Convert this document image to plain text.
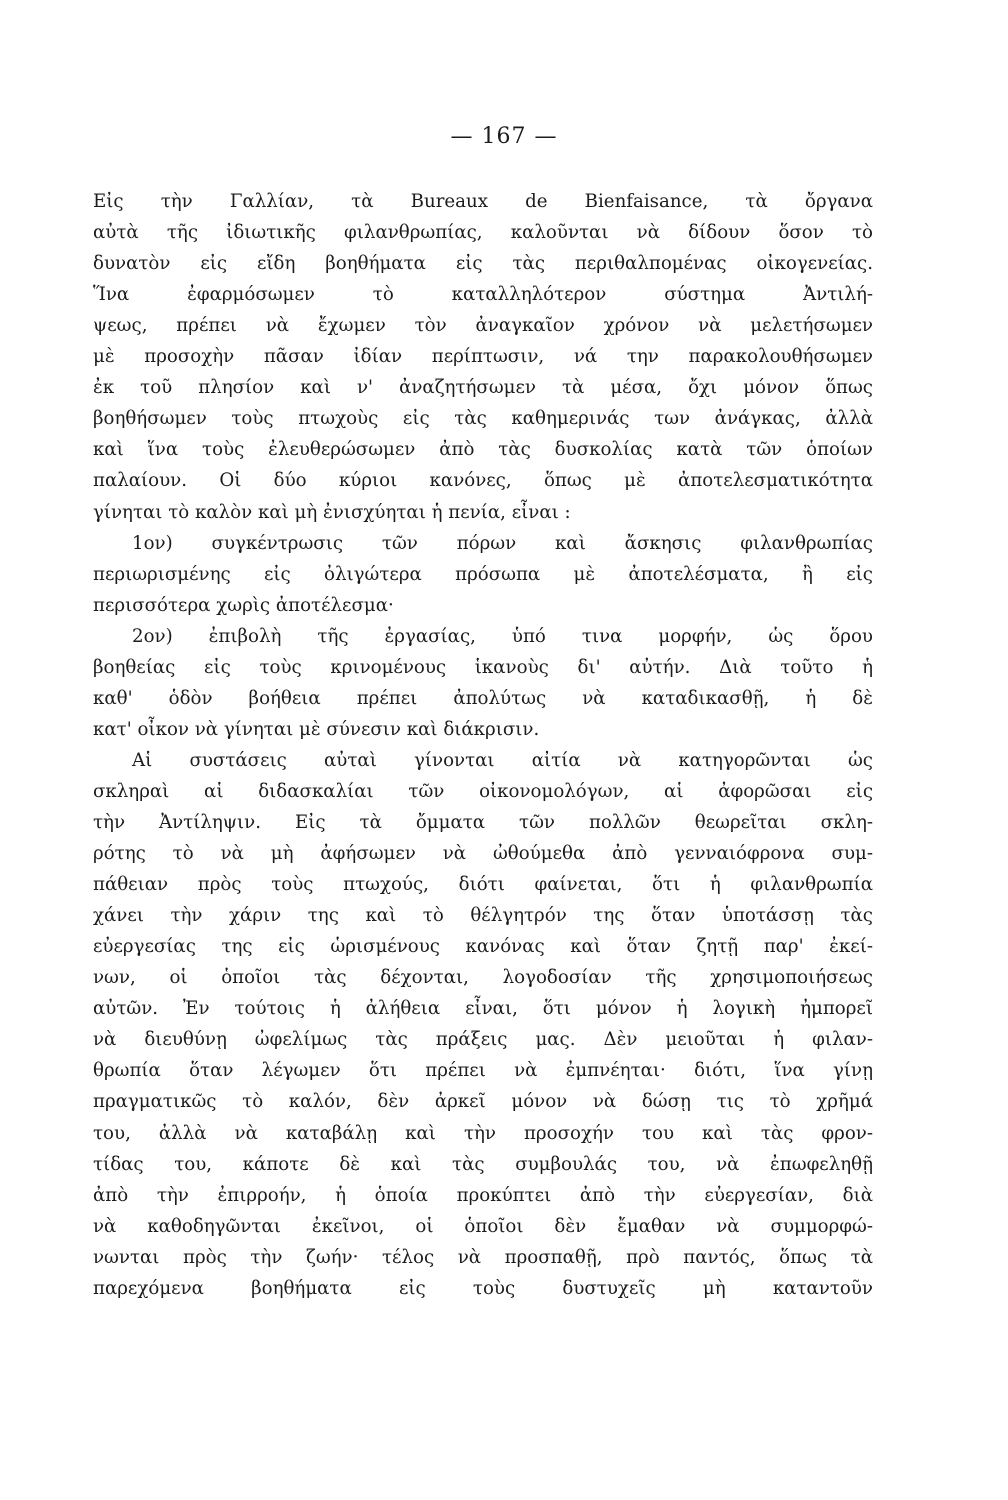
— 167 —
Εἰς τὴν Γαλλίαν, τὰ Bureaux de Bienfaisance, τὰ ὄργανα
αὐτὰ τῆς ἰδιωτικῆς φιλανθρωπίας, καλοῦνται νὰ δίδουν ὅσον τὸ
δυνατὸν εἰς εἴδη βοηθήματα εἰς τὰς περιθαλπομένας οἰκογενείας.
Ἵνα ἐφαρμόσωμεν τὸ καταλληλότερον σύστημα Ἀντιλή-
ψεως, πρέπει νὰ ἔχωμεν τὸν ἀναγκαῖον χρόνον νὰ μελετήσωμεν
μὲ προσοχὴν πᾶσαν ἰδίαν περίπτωσιν, νά την παρακολουθήσωμεν
ἐκ τοῦ πλησίον καὶ ν' ἀναζητήσωμεν τὰ μέσα, ὄχι μόνον ὅπως
βοηθήσωμεν τοὺς πτωχοὺς εἰς τὰς καθημερινάς των ἀνάγκας, ἀλλὰ
καὶ ἵνα τοὺς ἐλευθερώσωμεν ἀπὸ τὰς δυσκολίας κατὰ τῶν ὁποίων
παλαίουν. Οἱ δύο κύριοι κανόνες, ὅπως μὲ ἀποτελεσματικότητα
γίνηται τὸ καλὸν καὶ μὴ ἐνισχύηται ἡ πενία, εἶναι :
1ον) συγκέντρωσις τῶν πόρων καὶ ἄσκησις φιλανθρωπίας
περιωρισμένης εἰς ὀλιγώτερα πρόσωπα μὲ ἀποτελέσματα, ἢ εἰς
περισσότερα χωρὶς ἀποτέλεσμα·
2ον) ἐπιβολὴ τῆς ἐργασίας, ὑπό τινα μορφήν, ὡς ὅρου
βοηθείας εἰς τοὺς κρινομένους ἱκανοὺς δι' αὐτήν. Διὰ τοῦτο ἡ
καθ' ὁδὸν βοήθεια πρέπει ἀπολύτως νὰ καταδικασθῇ, ἡ δὲ
κατ' οἶκον νὰ γίνηται μὲ σύνεσιν καὶ διάκρισιν.
Αἱ συστάσεις αὐταὶ γίνονται αἰτία νὰ κατηγορῶνται ὡς
σκληραὶ αἱ διδασκαλίαι τῶν οἰκονομολόγων, αἱ ἀφορῶσαι εἰς
τὴν Ἀντίληψιν. Εἰς τὰ ὄμματα τῶν πολλῶν θεωρεῖται σκλη-
ρότης τὸ νὰ μὴ ἀφήσωμεν νὰ ὠθούμεθα ἀπὸ γενναιόφρονα συμ-
πάθειαν πρὸς τοὺς πτωχούς, διότι φαίνεται, ὅτι ἡ φιλανθρωπία
χάνει τὴν χάριν της καὶ τὸ θέλγητρόν της ὅταν ὑποτάσσῃ τὰς
εὐεργεσίας της εἰς ὡρισμένους κανόνας καὶ ὅταν ζητῇ παρ' ἐκεί-
νων, οἱ ὁποῖοι τὰς δέχονται, λογοδοσίαν τῆς χρησιμοποιήσεως
αὐτῶν. Ἐν τούτοις ἡ ἀλήθεια εἶναι, ὅτι μόνον ἡ λογικὴ ἠμπορεῖ
νὰ διευθύνῃ ὠφελίμως τὰς πράξεις μας. Δὲν μειοῦται ἡ φιλαν-
θρωπία ὅταν λέγωμεν ὅτι πρέπει νὰ ἐμπνέηται· διότι, ἵνα γίνῃ
πραγματικῶς τὸ καλόν, δὲν ἀρκεῖ μόνον νὰ δώσῃ τις τὸ χρῆμά
του, ἀλλὰ νὰ καταβάλῃ καὶ τὴν προσοχήν του καὶ τὰς φρον-
τίδας του, κάποτε δὲ καὶ τὰς συμβουλάς του, νὰ ἐπωφεληθῇ
ἀπὸ τὴν ἐπιρροήν, ἡ ὁποία προκύπτει ἀπὸ τὴν εὐεργεσίαν, διὰ
νὰ καθοδηγῶνται ἐκεῖνοι, οἱ ὁποῖοι δὲν ἔμαθαν νὰ συμμορφώ-
νωνται πρὸς τὴν ζωήν· τέλος νὰ προσπαθῇ, πρὸ παντός, ὅπως τὰ
παρεχόμενα βοηθήματα εἰς τοὺς δυστυχεῖς μὴ καταντοῦν
